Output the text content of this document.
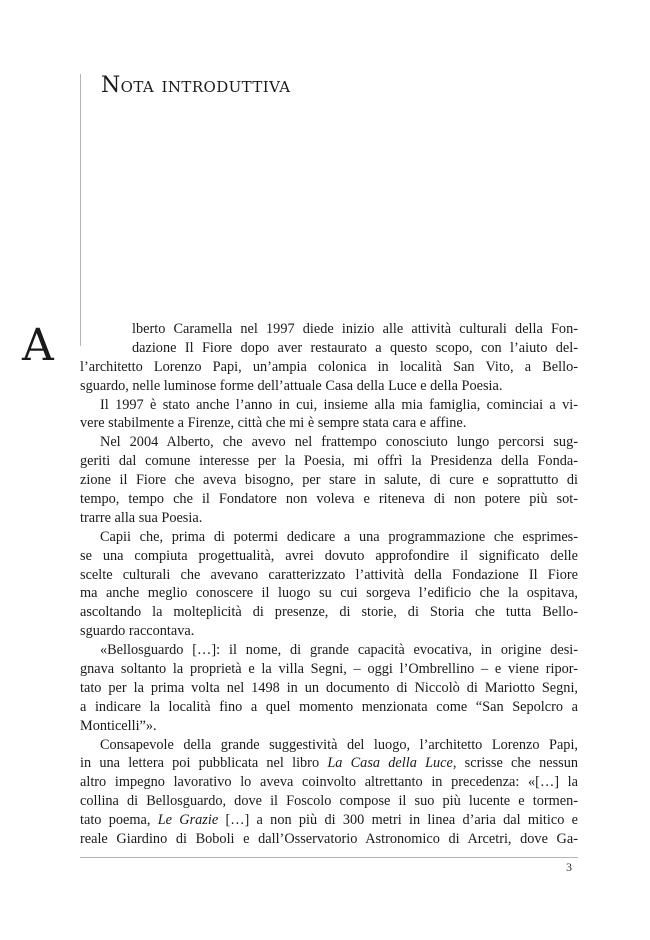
Nota introduttiva
A	lberto Caramella nel 1997 diede inizio alle attività culturali della Fon-
dazione Il Fiore dopo aver restaurato a questo scopo, con l’aiuto del-
l’architetto Lorenzo Papi, un’ampia colonica in località San Vito, a Bello-
sguardo, nelle luminose forme dell’attuale Casa della Luce e della Poesia.
Il 1997 è stato anche l’anno in cui, insieme alla mia famiglia, cominciai a vi-
vere stabilmente a Firenze, città che mi è sempre stata cara e affine.
Nel 2004 Alberto, che avevo nel frattempo conosciuto lungo percorsi sug-
geriti dal comune interesse per la Poesia, mi offrì la Presidenza della Fonda-
zione il Fiore che aveva bisogno, per stare in salute, di cure e soprattutto di
tempo, tempo che il Fondatore non voleva e riteneva di non potere più sot-
trarre alla sua Poesia.
Capii che, prima di potermi dedicare a una programmazione che esprimes-
se una compiuta progettualità, avrei dovuto approfondire il significato delle
scelte culturali che avevano caratterizzato l’attività della Fondazione Il Fiore
ma anche meglio conoscere il luogo su cui sorgeva l’edificio che la ospitava,
ascoltando la molteplicità di presenze, di storie, di Storia che tutta Bello-
sguardo raccontava.
«Bellosguardo […]: il nome, di grande capacità evocativa, in origine desi-
gnava soltanto la proprietà e la villa Segni, – oggi l’Ombrellino – e viene ripor-
tato per la prima volta nel 1498 in un documento di Niccolò di Mariotto Segni,
a indicare la località fino a quel momento menzionata come “San Sepolcro a
Monticelli”».
Consapevole della grande suggestività del luogo, l’architetto Lorenzo Papi,
in una lettera poi pubblicata nel libro La Casa della Luce, scrisse che nessun
altro impegno lavorativo lo aveva coinvolto altrettanto in precedenza: «[…] la
collina di Bellosguardo, dove il Foscolo compose il suo più lucente e tormen-
tato poema, Le Grazie […] a non più di 300 metri in linea d’aria dal mitico e
reale Giardino di Boboli e dall’Osservatorio Astronomico di Arcetri, dove Ga-
3
